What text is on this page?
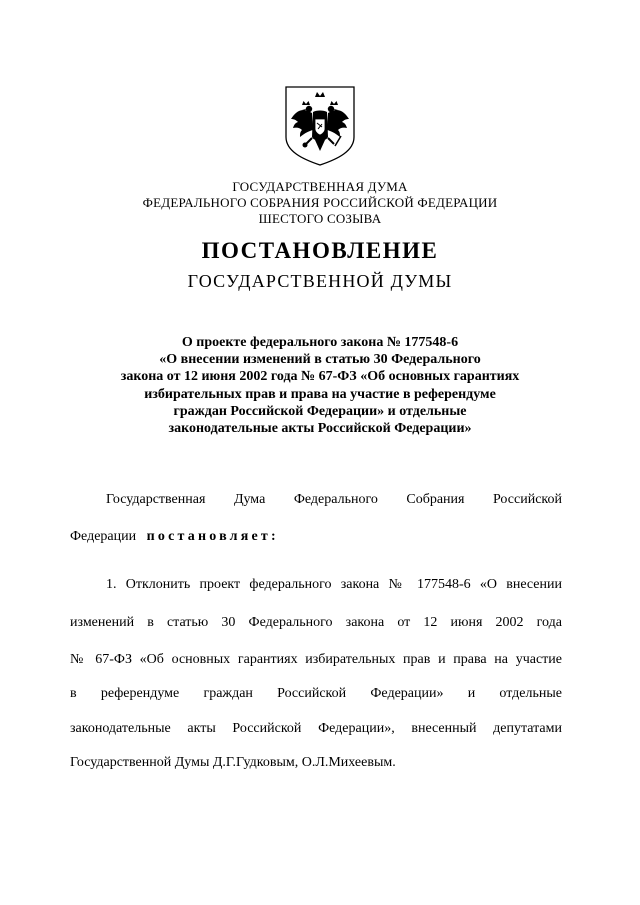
ГОСУДАРСТВЕННАЯ ДУМА
ФЕДЕРАЛЬНОГО СОБРАНИЯ РОССИЙСКОЙ ФЕДЕРАЦИИ
ШЕСТОГО СОЗЫВА
ПОСТАНОВЛЕНИЕ
ГОСУДАРСТВЕННОЙ ДУМЫ
О проекте федерального закона № 177548-6
«О внесении изменений в статью 30 Федерального
закона от 12 июня 2002 года № 67-ФЗ «Об основных гарантиях
избирательных прав и права на участие в референдуме
граждан Российской Федерации» и отдельные
законодательные акты Российской Федерации»
Государственная Дума Федерального Собрания Российской
Федерации постановляет:
1. Отклонить проект федерального закона № 177548-6 «О внесении
изменений в статью 30 Федерального закона от 12 июня 2002 года
№ 67-ФЗ «Об основных гарантиях избирательных прав и права на участие
в референдуме граждан Российской Федерации» и отдельные
законодательные акты Российской Федерации», внесенный депутатами
Государственной Думы Д.Г.Гудковым, О.Л.Михеевым.
